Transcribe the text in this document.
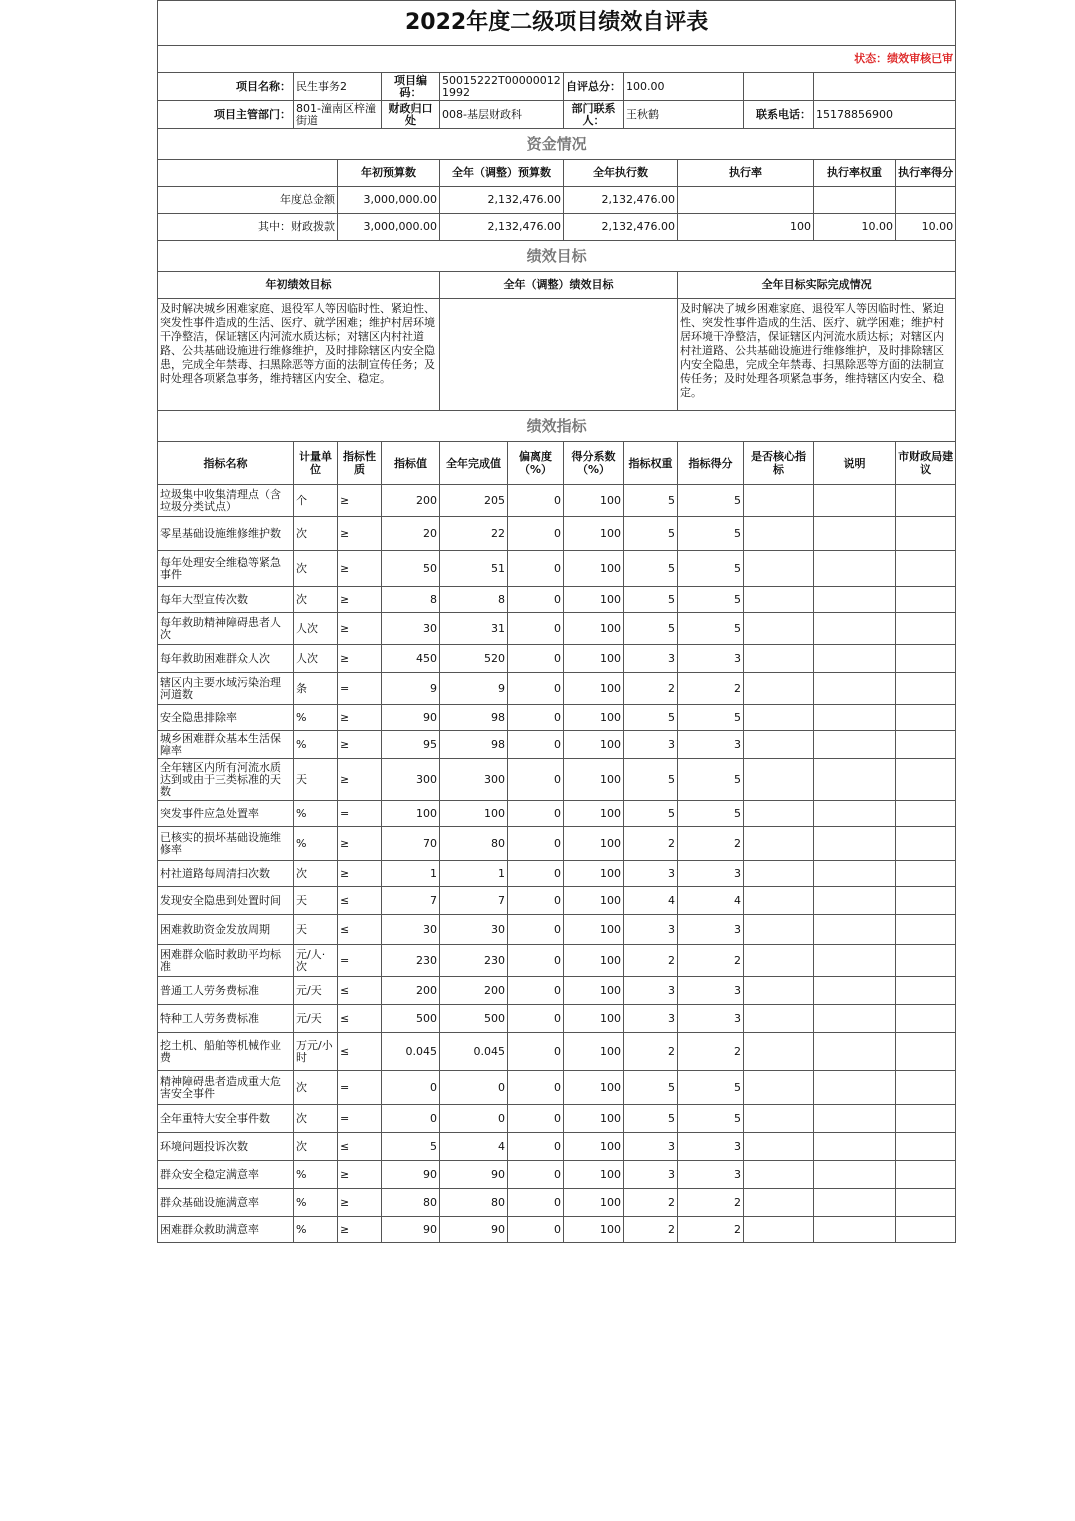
2022年度二级项目绩效自评表											
状态：绩效审核已审											
项目名称：	民生事务2		项目编码：	50015222T000000121992		自评总分：	100.00				
项目主管部门：	801-潼南区梓潼街道		财政归口处	008-基层财政科		部门联系人：	王秋鹤		联系电话：	15178856900	
资金情况											
		年初预算数		全年（调整）预算数		全年执行数		执行率		执行率权重	执行率得分
年度总金额		3,000,000.00		2,132,476.00		2,132,476.00					
其中：财政拨款		3,000,000.00		2,132,476.00		2,132,476.00		100		10.00	10.00
绩效目标											
年初绩效目标				全年（调整）绩效目标				全年目标实际完成情况			
及时解决城乡困难家庭、退役军人等因临时性、紧迫性、突发性事件造成的生活、医疗、就学困难；维护村居环境干净整洁，保证辖区内河流水质达标；对辖区内村社道路、公共基础设施进行维修维护，及时排除辖区内安全隐患，完成全年禁毒、扫黑除恶等方面的法制宣传任务；及时处理各项紧急事务，维持辖区内安全、稳定。								及时解决了城乡困难家庭、退役军人等因临时性、紧迫性、突发性事件造成的生活、医疗、就学困难；维护村居环境干净整洁，保证辖区内河流水质达标；对辖区内村社道路、公共基础设施进行维修维护，及时排除辖区内安全隐患，完成全年禁毒、扫黑除恶等方面的法制宣传任务；及时处理各项紧急事务，维持辖区内安全、稳定。			
绩效指标											
指标名称	计量单位	指标性质	指标值	全年完成值	偏离度（%）	得分系数（%）	指标权重	指标得分	是否核心指标	说明	市财政局建议
垃圾集中收集清理点（含垃圾分类试点）	个	≥	200	205	0	100	5	5			
零星基础设施维修维护数	次	≥	20	22	0	100	5	5			
每年处理安全维稳等紧急事件	次	≥	50	51	0	100	5	5			
每年大型宣传次数	次	≥	8	8	0	100	5	5			
每年救助精神障碍患者人次	人次	≥	30	31	0	100	5	5			
每年救助困难群众人次	人次	≥	450	520	0	100	3	3			
辖区内主要水域污染治理河道数	条	=	9	9	0	100	2	2			
安全隐患排除率	%	≥	90	98	0	100	5	5			
城乡困难群众基本生活保障率	%	≥	95	98	0	100	3	3			
全年辖区内所有河流水质达到或由于三类标准的天数	天	≥	300	300	0	100	5	5			
突发事件应急处置率	%	=	100	100	0	100	5	5			
已核实的损坏基础设施维修率	%	≥	70	80	0	100	2	2			
村社道路每周清扫次数	次	≥	1	1	0	100	3	3			
发现安全隐患到处置时间	天	≤	7	7	0	100	4	4			
困难救助资金发放周期	天	≤	30	30	0	100	3	3			
困难群众临时救助平均标准	元/人·次	=	230	230	0	100	2	2			
普通工人劳务费标准	元/天	≤	200	200	0	100	3	3			
特种工人劳务费标准	元/天	≤	500	500	0	100	3	3			
挖土机、船舶等机械作业费	万元/小时	≤	0.045	0.045	0	100	2	2			
精神障碍患者造成重大危害安全事件	次	=	0	0	0	100	5	5			
全年重特大安全事件数	次	=	0	0	0	100	5	5			
环境问题投诉次数	次	≤	5	4	0	100	3	3			
群众安全稳定满意率	%	≥	90	90	0	100	3	3			
群众基础设施满意率	%	≥	80	80	0	100	2	2			
困难群众救助满意率	%	≥	90	90	0	100	2	2			
